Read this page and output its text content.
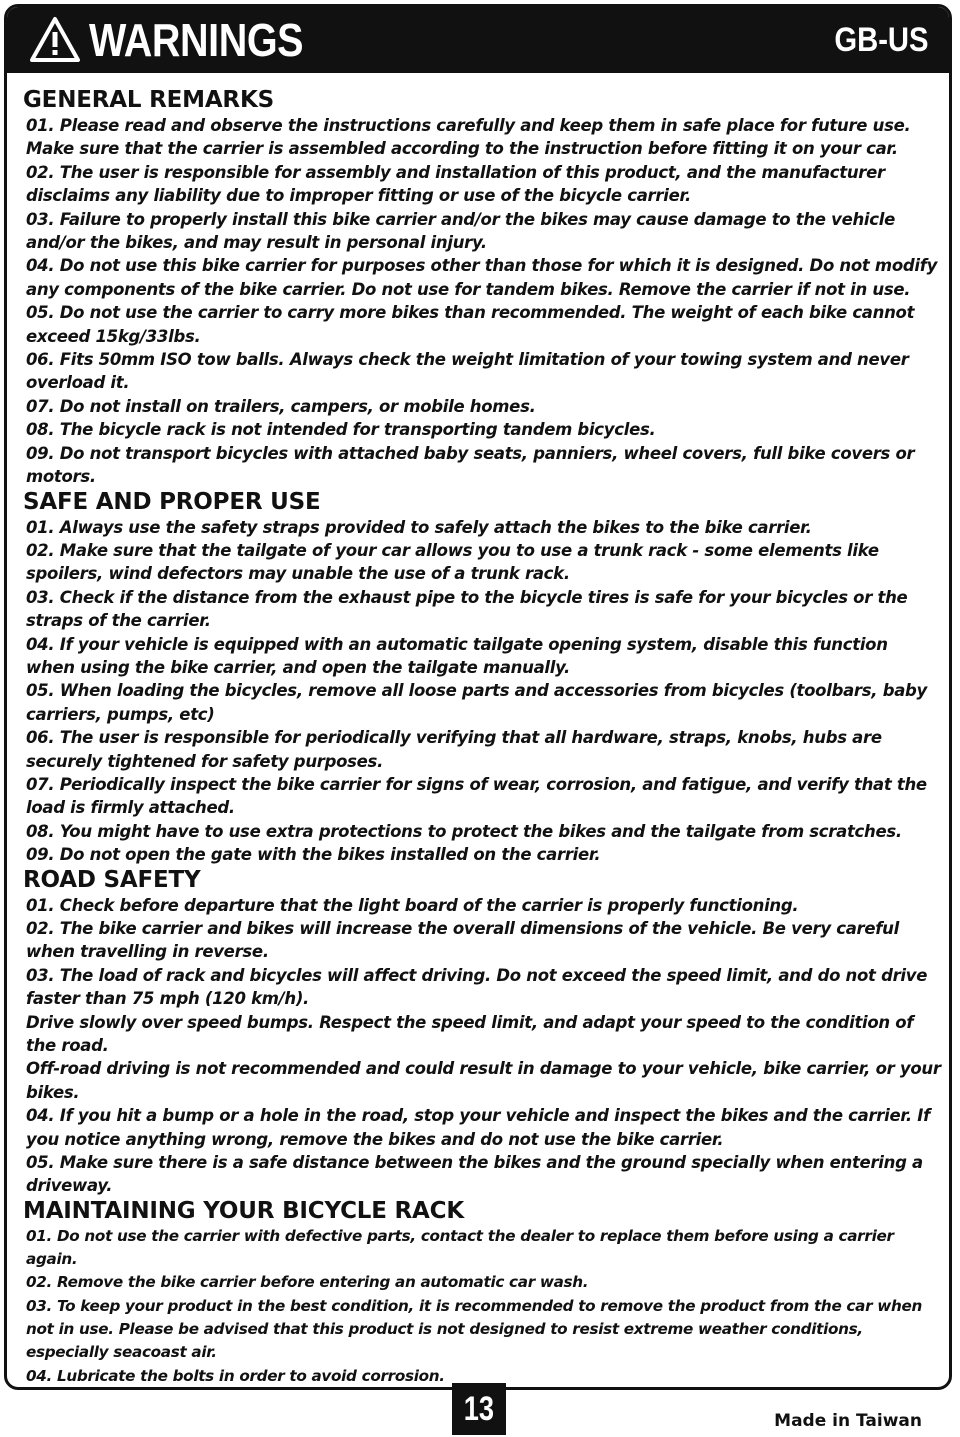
WARNINGS	GB-US
GENERAL REMARKS
01. Please read and observe the instructions carefully and keep them in safe place for future use.
Make sure that the carrier is assembled according to the instruction before fitting it on your car.
02. The user is responsible for assembly and installation of this product, and the manufacturer disclaims any liability due to improper fitting or use of the bicycle carrier.
03. Failure to properly install this bike carrier and/or the bikes may cause damage to the vehicle and/or the bikes, and may result in personal injury.
04. Do not use this bike carrier for purposes other than those for which it is designed. Do not modify any components of the bike carrier. Do not use for tandem bikes. Remove the carrier if not in use.
05. Do not use the carrier to carry more bikes than recommended. The weight of each bike cannot exceed 15kg/33lbs.
06. Fits 50mm ISO tow balls. Always check the weight limitation of your towing system and never overload it.
07. Do not install on trailers, campers, or mobile homes.
08. The bicycle rack is not intended for transporting tandem bicycles.
09. Do not transport bicycles with attached baby seats, panniers, wheel covers, full bike covers or motors.
SAFE AND PROPER USE
01. Always use the safety straps provided to safely attach the bikes to the bike carrier.
02. Make sure that the tailgate of your car allows you to use a trunk rack - some elements like spoilers, wind defectors may unable the use of a trunk rack.
03. Check if the distance from the exhaust pipe to the bicycle tires is safe for your bicycles or the straps of the carrier.
04. If your vehicle is equipped with an automatic tailgate opening system, disable this function when using the bike carrier, and open the tailgate manually.
05. When loading the bicycles, remove all loose parts and accessories from bicycles (toolbars, baby carriers, pumps, etc)
06. The user is responsible for periodically verifying that all hardware, straps, knobs, hubs are securely tightened for safety purposes.
07. Periodically inspect the bike carrier for signs of wear, corrosion, and fatigue, and verify that the load is firmly attached.
08. You might have to use extra protections to protect the bikes and the tailgate from scratches.
09. Do not open the gate with the bikes installed on the carrier.
ROAD SAFETY
01. Check before departure that the light board of the carrier is properly functioning.
02. The bike carrier and bikes will increase the overall dimensions of the vehicle. Be very careful when travelling in reverse.
03. The load of rack and bicycles will affect driving. Do not exceed the speed limit, and do not drive faster than 75 mph (120 km/h).
Drive slowly over speed bumps. Respect the speed limit, and adapt your speed to the condition of the road.
Off-road driving is not recommended and could result in damage to your vehicle, bike carrier, or your bikes.
04. If you hit a bump or a hole in the road, stop your vehicle and inspect the bikes and the carrier. If you notice anything wrong, remove the bikes and do not use the bike carrier.
05. Make sure there is a safe distance between the bikes and the ground specially when entering a driveway.
MAINTAINING YOUR BICYCLE RACK
01. Do not use the carrier with defective parts, contact the dealer to replace them before using a carrier again.
02. Remove the bike carrier before entering an automatic car wash.
03. To keep your product in the best condition, it is recommended to remove the product from the car when not in use. Please be advised that this product is not designed to resist extreme weather conditions, especially seacoast air.
04. Lubricate the bolts in order to avoid corrosion.
13	Made in Taiwan
